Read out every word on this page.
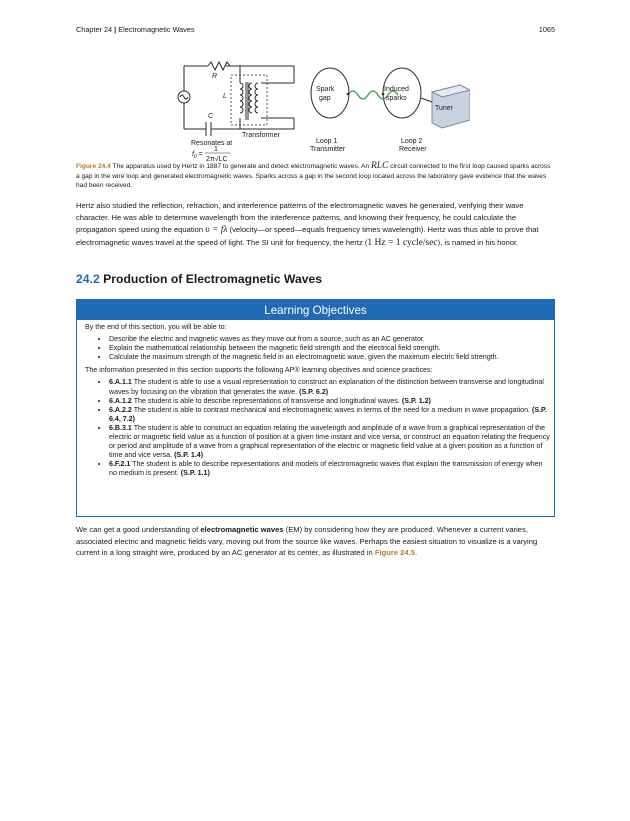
Chapter 24 | Electromagnetic Waves	1065
R
L
C
Spark
gap
Induced
sparks
Tuner
Transformer
Loop 1
Transmitter
Loop 2
Receiver
Resonates at
$f_0$ =
1
2π√LC
Figure 24.4 The apparatus used by Hertz in 1887 to generate and detect electromagnetic waves. An RLC circuit connected to the first loop caused sparks across a gap in the wire loop and generated electromagnetic waves. Sparks across a gap in the second loop located across the laboratory gave evidence that the waves had been received.
Hertz also studied the reflection, refraction, and interference patterns of the electromagnetic waves he generated, verifying their wave character. He was able to determine wavelength from the interference patterns, and knowing their frequency, he could calculate the propagation speed using the equation υ = fλ (velocity—or speed—equals frequency times wavelength). Hertz was thus able to prove that electromagnetic waves travel at the speed of light. The SI unit for frequency, the hertz (1 Hz = 1 cycle/sec), is named in his honor.
24.2 Production of Electromagnetic Waves
Learning Objectives

By the end of this section, you will be able to:

• Describe the electric and magnetic waves as they move out from a source, such as an AC generator.
• Explain the mathematical relationship between the magnetic field strength and the electrical field strength.
• Calculate the maximum strength of the magnetic field in an electromagnetic wave, given the maximum electric field strength.

The information presented in this section supports the following AP® learning objectives and science practices:

• 6.A.1.1 The student is able to use a visual representation to construct an explanation of the distinction between transverse and longitudinal waves by focusing on the vibration that generates the wave. (S.P. 6.2)
• 6.A.1.2 The student is able to describe representations of transverse and longitudinal waves. (S.P. 1.2)
• 6.A.2.2 The student is able to contrast mechanical and electromagnetic waves in terms of the need for a medium in wave propagation. (S.P. 6.4, 7.2)
• 6.B.3.1 The student is able to construct an equation relating the wavelength and amplitude of a wave from a graphical representation of the electric or magnetic field value as a function of position at a given time instant and vice versa, or construct an equation relating the frequency or period and amplitude of a wave from a graphical representation of the electric or magnetic field value at a given position as a function of time and vice versa. (S.P. 1.4)
• 6.F.2.1 The student is able to describe representations and models of electromagnetic waves that explain the transmission of energy when no medium is present. (S.P. 1.1)
We can get a good understanding of electromagnetic waves (EM) by considering how they are produced. Whenever a current varies, associated electric and magnetic fields vary, moving out from the source like waves. Perhaps the easiest situation to visualize is a varying current in a long straight wire, produced by an AC generator at its center, as illustrated in Figure 24.5.
